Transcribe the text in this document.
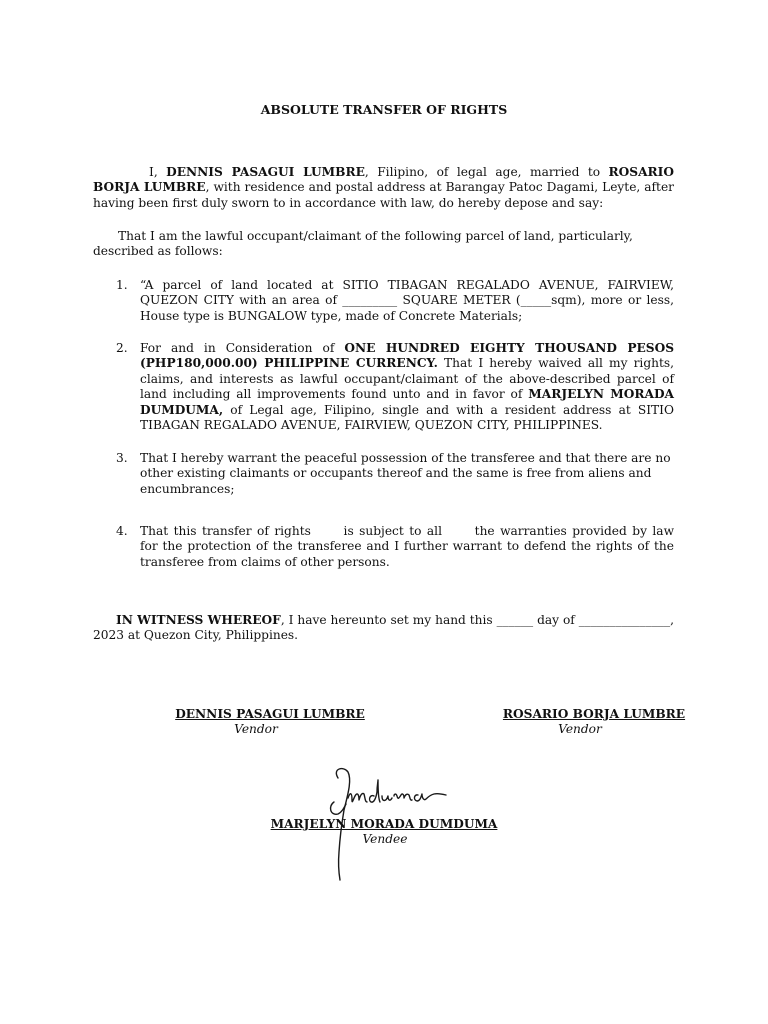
ABSOLUTE TRANSFER OF RIGHTS

I, DENNIS PASAGUI LUMBRE, Filipino, of legal age, married to ROSARIO BORJA LUMBRE, with residence and postal address at Barangay Patoc Dagami, Leyte, after having been first duly sworn to in accordance with law, do hereby depose and say:

That I am the lawful occupant/claimant of the following parcel of land, particularly, described as follows:

1. “A parcel of land located at SITIO TIBAGAN REGALADO AVENUE, FAIRVIEW, QUEZON CITY with an area of _________ SQUARE METER (_____sqm), more or less, House type is BUNGALOW type, made of Concrete Materials;
2. For and in Consideration of ONE HUNDRED EIGHTY THOUSAND PESOS (PHP180,000.00) PHILIPPINE CURRENCY. That I hereby waived all my rights, claims, and interests as lawful occupant/claimant of the above-described parcel of land including all improvements found unto and in favor of MARJELYN MORADA DUMDUMA, of Legal age, Filipino, single and with a resident address at SITIO TIBAGAN REGALADO AVENUE, FAIRVIEW, QUEZON CITY, PHILIPPINES.
3. That I hereby warrant the peaceful possession of the transferee and that there are no other existing claimants or occupants thereof and the same is free from aliens and encumbrances;
4. That this transfer of rights      is subject to all      the warranties provided by law      for the protection of the transferee and I further warrant to defend the rights of the transferee from claims of other persons.

IN WITNESS WHEREOF, I have hereunto set my hand this ______ day of _______________, 2023 at Quezon City, Philippines.

DENNIS PASAGUI LUMBRE
Vendor
ROSARIO BORJA LUMBRE
Vendor
MARJELYN MORADA DUMDUMA
Vendee
